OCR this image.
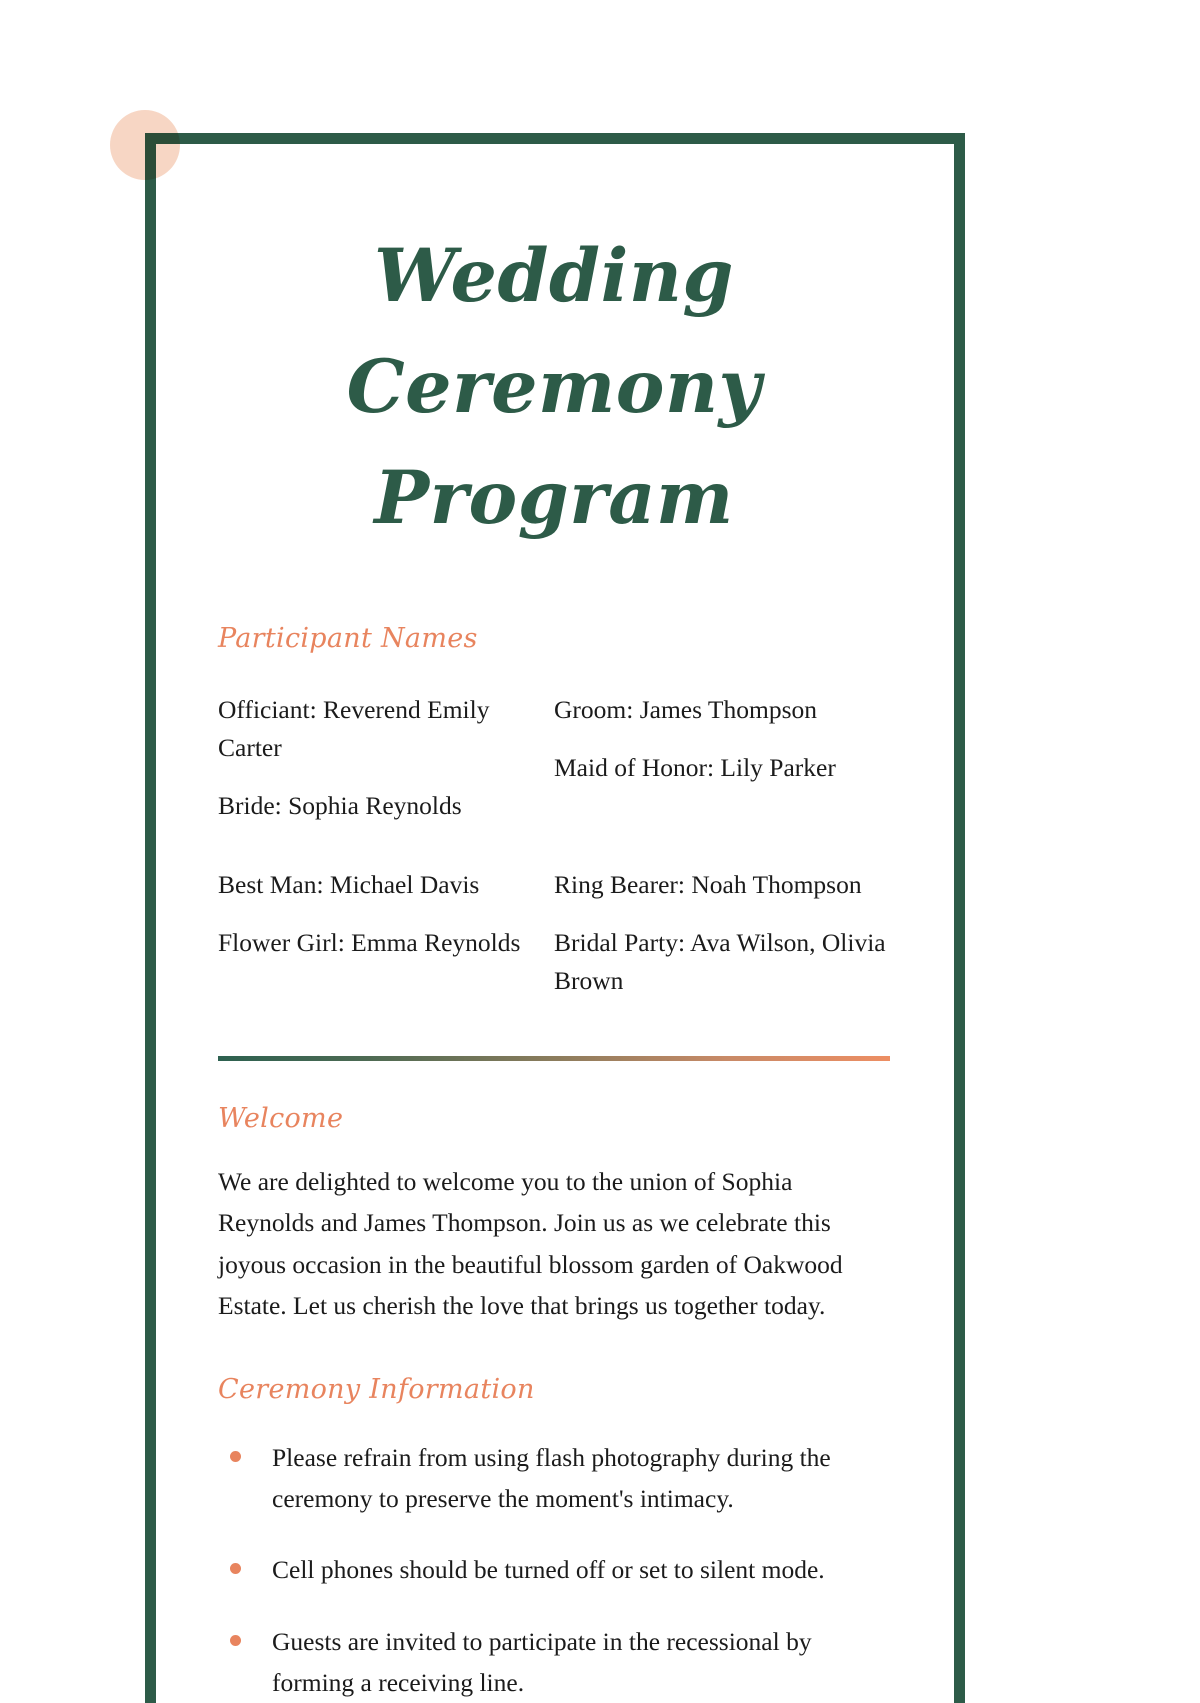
Wedding Ceremony
Program
Participant Names

Officiant: Reverend Emily Carter

Bride: Sophia Reynolds

Groom: James Thompson

Maid of Honor: Lily Parker

Best Man: Michael Davis	Ring Bearer: Noah Thompson

Flower Girl: Emma Reynolds Bridal Party: Ava Wilson, Olivia Brown

Welcome

We are delighted to welcome you to the union of Sophia Reynolds and James Thompson. Join us as we celebrate this joyous occasion in the beautiful blossom garden of Oakwood Estate. Let us cherish the love that brings us together today.

Ceremony Information
Please refrain from using flash photography during the ceremony to preserve the moment's intimacy.
Cell phones should be turned off or set to silent mode.
Guests are invited to participate in the recessional by forming a receiving line.
